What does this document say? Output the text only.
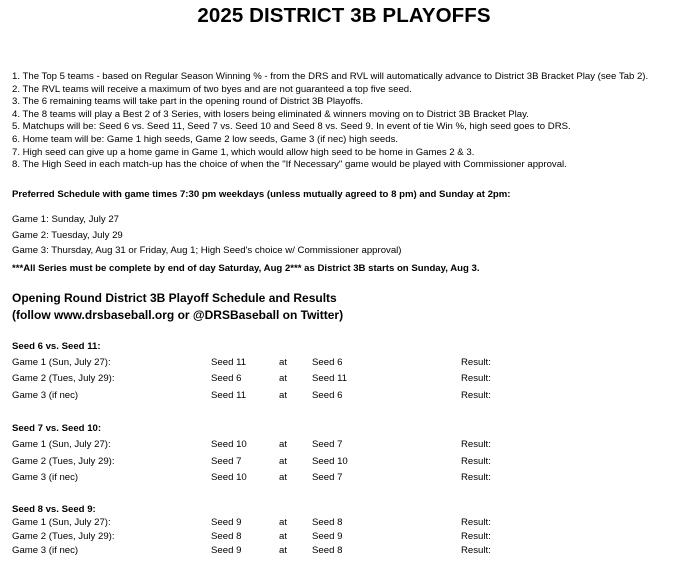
2025 DISTRICT 3B PLAYOFFS
1. The Top 5 teams - based on Regular Season Winning % - from the DRS and RVL will automatically advance to District 3B Bracket Play (see Tab 2).
2. The RVL teams will receive a maximum of two byes and are not guaranteed a top five seed.
3. The 6 remaining teams will take part in the opening round of District 3B Playoffs.
4. The 8 teams will play a Best 2 of 3 Series, with losers being eliminated & winners moving on to District 3B Bracket Play.
5. Matchups will be: Seed 6 vs. Seed 11, Seed 7 vs. Seed 10 and Seed 8 vs. Seed 9. In event of tie Win %, high seed goes to DRS.
6. Home team will be: Game 1 high seeds, Game 2 low seeds, Game 3 (if nec) high seeds.
7. High seed can give up a home game in Game 1, which would allow high seed to be home in Games 2 & 3.
8. The High Seed in each match-up has the choice of when the "If Necessary" game would be played with Commissioner approval.
Preferred Schedule with game times 7:30 pm weekdays (unless mutually agreed to 8 pm) and Sunday at 2pm:
Game 1: Sunday, July 27
Game 2: Tuesday, July 29
Game 3: Thursday, Aug 31 or Friday, Aug 1; High Seed's choice w/ Commissioner approval)
***All Series must be complete by end of day Saturday, Aug 2*** as District 3B starts on Sunday, Aug 3.
Opening Round District 3B Playoff Schedule and Results
(follow www.drsbaseball.org or @DRSBaseball on Twitter)
Seed 6 vs. Seed 11:
Game 1 (Sun, July 27):	Seed 11	at	Seed 6	Result:
Game 2 (Tues, July 29):	Seed 6	at	Seed 11	Result:
Game 3 (if nec)	Seed 11	at	Seed 6	Result:
Seed 7 vs. Seed 10:
Game 1 (Sun, July 27):	Seed 10	at	Seed 7	Result:
Game 2 (Tues, July 29):	Seed 7	at	Seed 10	Result:
Game 3 (if nec)	Seed 10	at	Seed 7	Result:
Seed 8 vs. Seed 9:
Game 1 (Sun, July 27):	Seed 9	at	Seed 8	Result:
Game 2 (Tues, July 29):	Seed 8	at	Seed 9	Result:
Game 3 (if nec)	Seed 9	at	Seed 8	Result:
